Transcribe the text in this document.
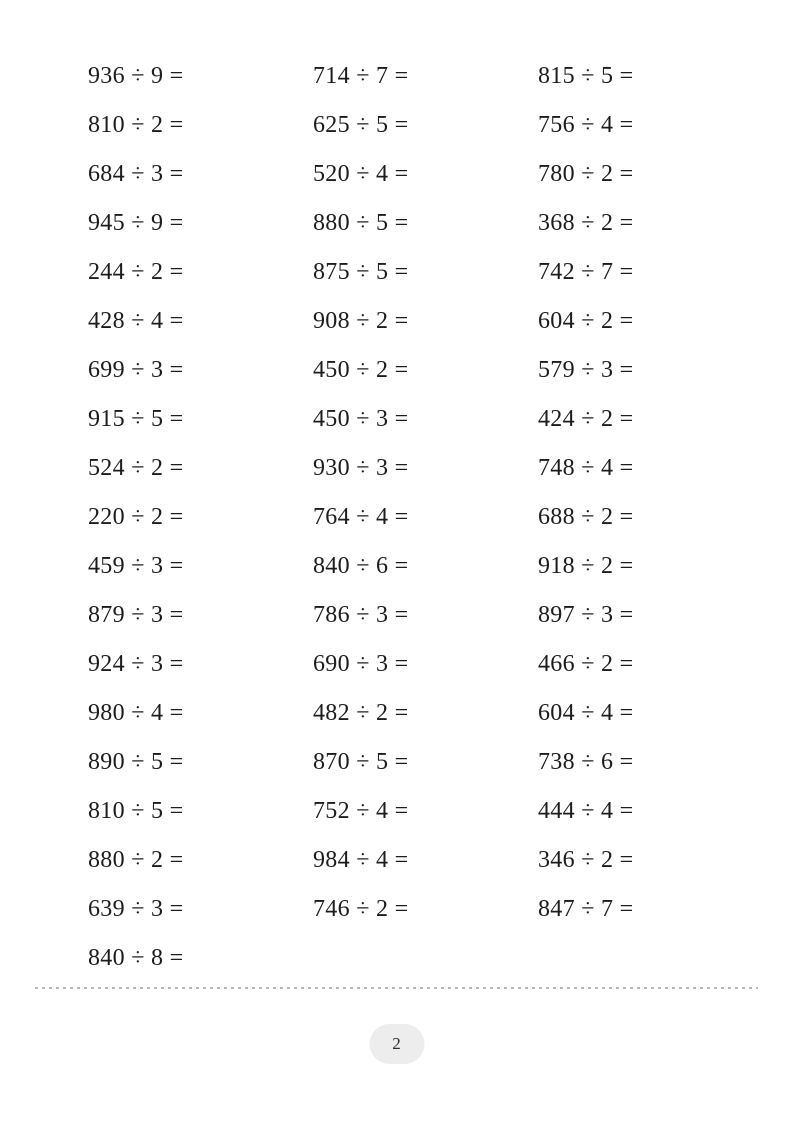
936 ÷ 9 =	714 ÷ 7 =	815 ÷ 5 =
810 ÷ 2 =	625 ÷ 5 =	756 ÷ 4 =
684 ÷ 3 =	520 ÷ 4 =	780 ÷ 2 =
945 ÷ 9 =	880 ÷ 5 =	368 ÷ 2 =
244 ÷ 2 =	875 ÷ 5 =	742 ÷ 7 =
428 ÷ 4 =	908 ÷ 2 =	604 ÷ 2 =
699 ÷ 3 =	450 ÷ 2 =	579 ÷ 3 =
915 ÷ 5 =	450 ÷ 3 =	424 ÷ 2 =
524 ÷ 2 =	930 ÷ 3 =	748 ÷ 4 =
220 ÷ 2 =	764 ÷ 4 =	688 ÷ 2 =
459 ÷ 3 =	840 ÷ 6 =	918 ÷ 2 =
879 ÷ 3 =	786 ÷ 3 =	897 ÷ 3 =
924 ÷ 3 =	690 ÷ 3 =	466 ÷ 2 =
980 ÷ 4 =	482 ÷ 2 =	604 ÷ 4 =
890 ÷ 5 =	870 ÷ 5 =	738 ÷ 6 =
810 ÷ 5 =	752 ÷ 4 =	444 ÷ 4 =
880 ÷ 2 =	984 ÷ 4 =	346 ÷ 2 =
639 ÷ 3 =	746 ÷ 2 =	847 ÷ 7 =
840 ÷ 8 =
2
